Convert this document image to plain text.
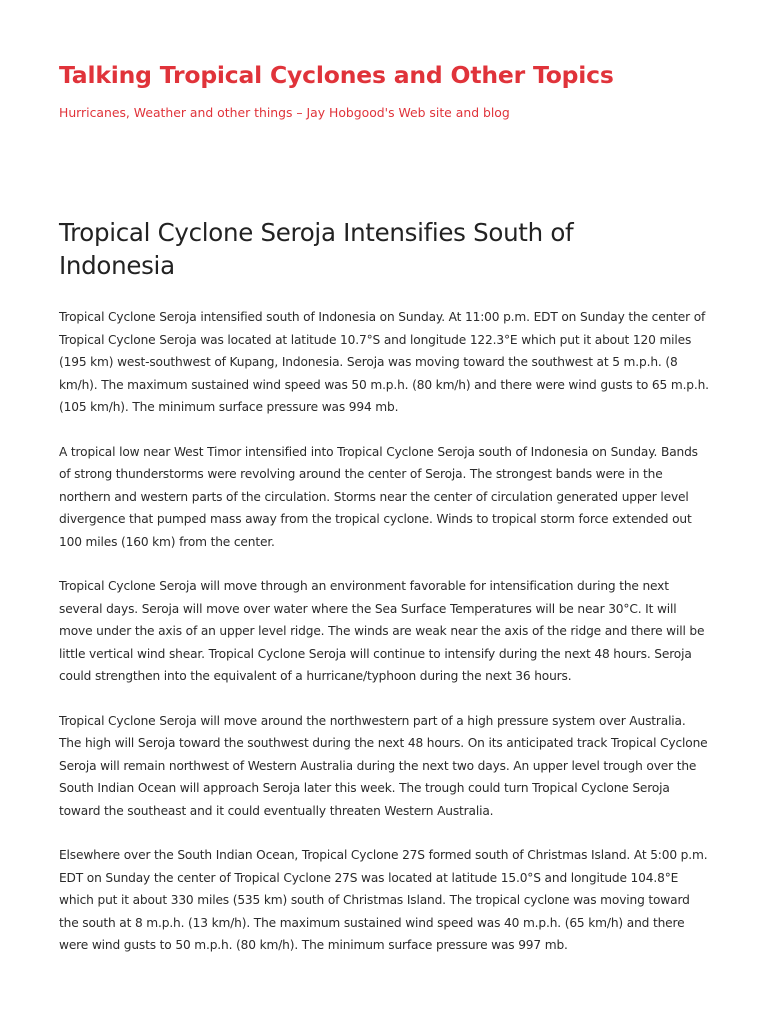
Talking Tropical Cyclones and Other Topics

Hurricanes, Weather and other things – Jay Hobgood's Web site and blog

Tropical Cyclone Seroja Intensifies South of Indonesia

Tropical Cyclone Seroja intensified south of Indonesia on Sunday. At 11:00 p.m. EDT on Sunday the center of Tropical Cyclone Seroja was located at latitude 10.7°S and longitude 122.3°E which put it about 120 miles (195 km) west-southwest of Kupang, Indonesia. Seroja was moving toward the southwest at 5 m.p.h. (8 km/h). The maximum sustained wind speed was 50 m.p.h. (80 km/h) and there were wind gusts to 65 m.p.h. (105 km/h). The minimum surface pressure was 994 mb.

A tropical low near West Timor intensified into Tropical Cyclone Seroja south of Indonesia on Sunday. Bands of strong thunderstorms were revolving around the center of Seroja. The strongest bands were in the northern and western parts of the circulation. Storms near the center of circulation generated upper level divergence that pumped mass away from the tropical cyclone. Winds to tropical storm force extended out 100 miles (160 km) from the center.

Tropical Cyclone Seroja will move through an environment favorable for intensification during the next several days. Seroja will move over water where the Sea Surface Temperatures will be near 30°C. It will move under the axis of an upper level ridge. The winds are weak near the axis of the ridge and there will be little vertical wind shear. Tropical Cyclone Seroja will continue to intensify during the next 48 hours. Seroja could strengthen into the equivalent of a hurricane/typhoon during the next 36 hours.

Tropical Cyclone Seroja will move around the northwestern part of a high pressure system over Australia. The high will Seroja toward the southwest during the next 48 hours. On its anticipated track Tropical Cyclone Seroja will remain northwest of Western Australia during the next two days. An upper level trough over the South Indian Ocean will approach Seroja later this week. The trough could turn Tropical Cyclone Seroja toward the southeast and it could eventually threaten Western Australia.

Elsewhere over the South Indian Ocean, Tropical Cyclone 27S formed south of Christmas Island. At 5:00 p.m. EDT on Sunday the center of Tropical Cyclone 27S was located at latitude 15.0°S and longitude 104.8°E which put it about 330 miles (535 km) south of Christmas Island. The tropical cyclone was moving toward the south at 8 m.p.h. (13 km/h). The maximum sustained wind speed was 40 m.p.h. (65 km/h) and there were wind gusts to 50 m.p.h. (80 km/h). The minimum surface pressure was 997 mb.
